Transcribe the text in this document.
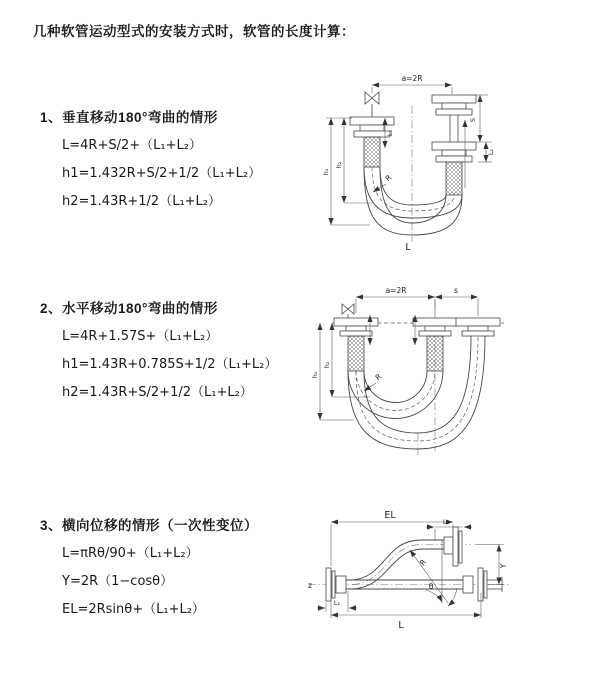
几种软管运动型式的安装方式时，软管的长度计算：
1、垂直移动180°弯曲的情形
L=4R+S/2+（L₁+L₂）
h1=1.432R+S/2+1/2（L₁+L₂）
h2=1.43R+1/2（L₁+L₂）
2、水平移动180°弯曲的情形
L=4R+1.57S+（L₁+L₂）
h1=1.43R+0.785S+1/2（L₁+L₂）
h2=1.43R+S/2+1/2（L₁+L₂）
3、横向位移的情形（一次性变位）
L=πRθ/90+（L₁+L₂）
Y=2R（1−cosθ）
EL=2Rsinθ+（L₁+L₂）
a=2R
L₁
h₁
h₂
S
L₂
R
L
a=2R	s
h₁
h₂
R
z
EL
L₂
Y
R
θ
L
L₁
